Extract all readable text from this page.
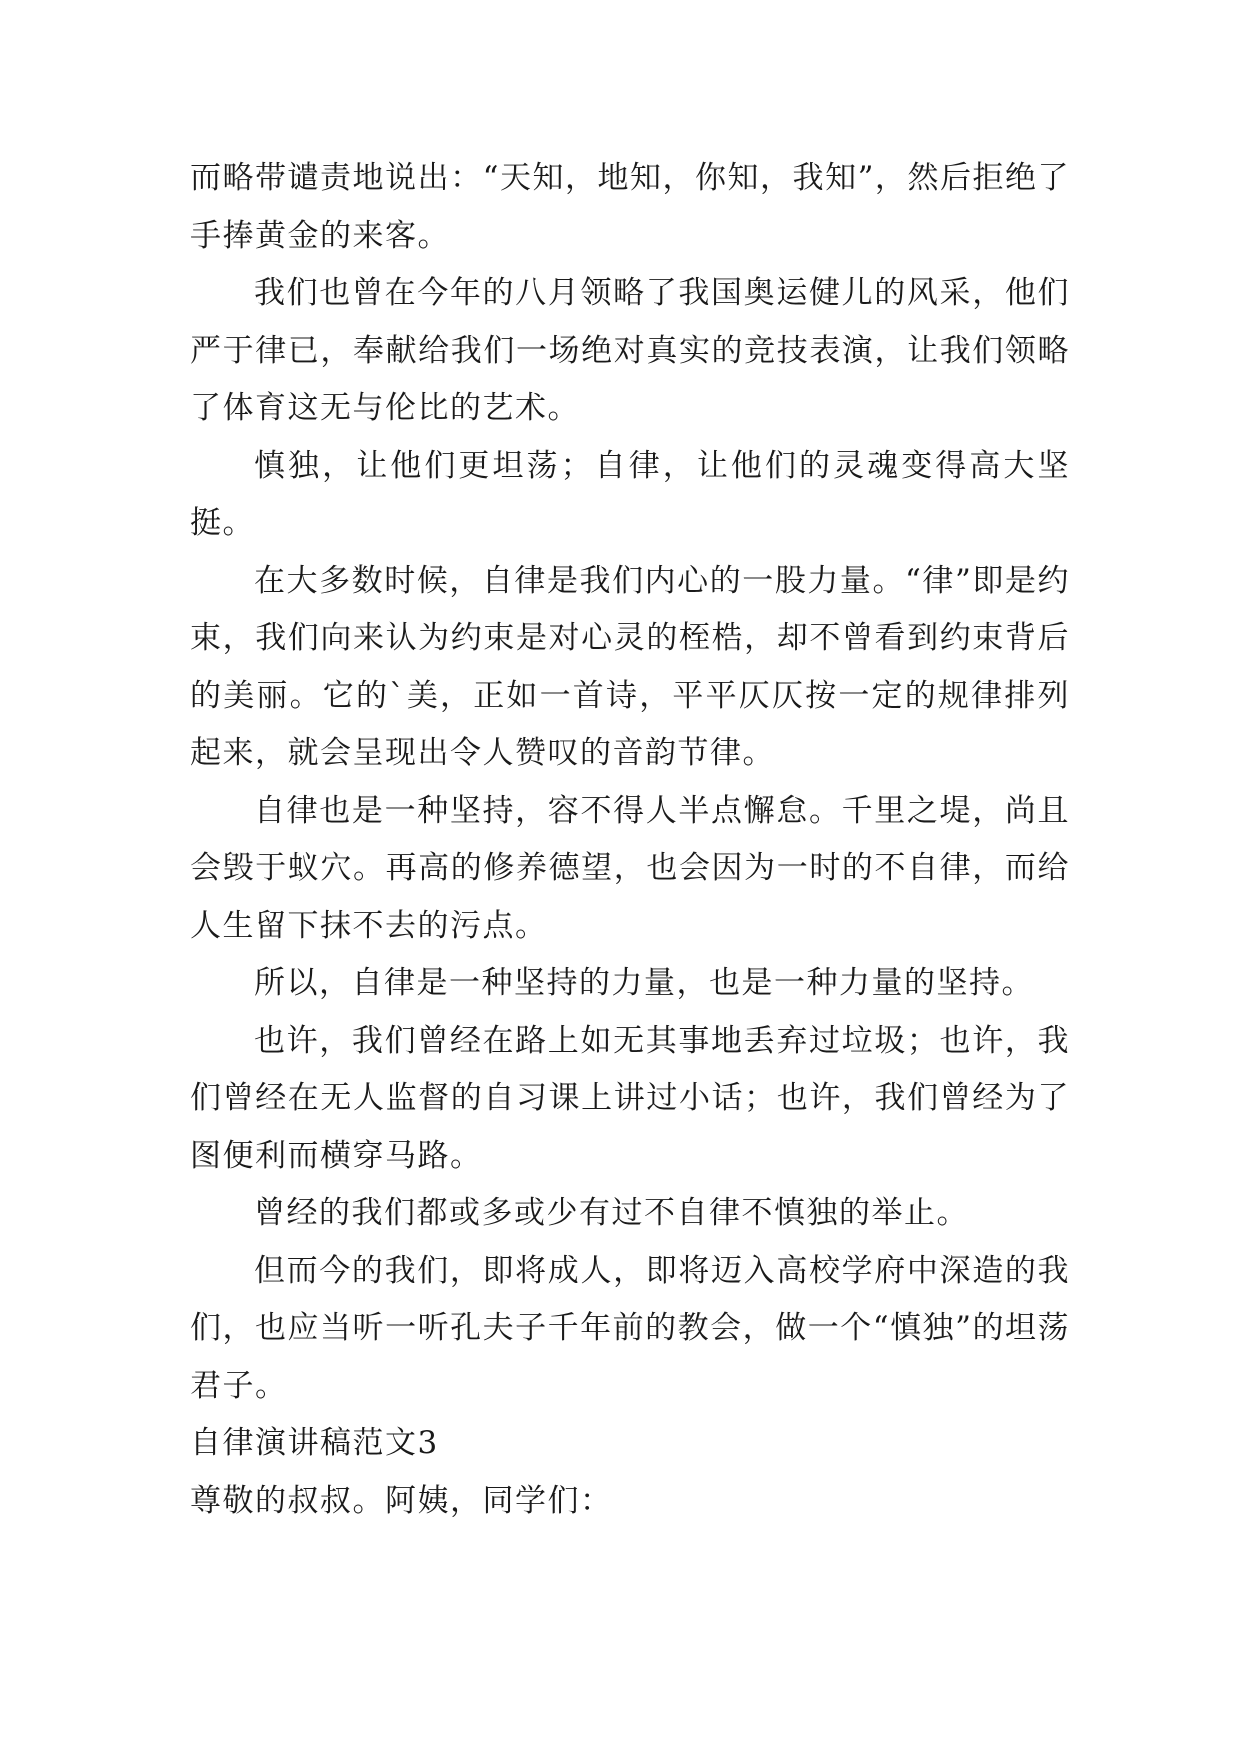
而略带谴责地说出：“天知，地知，你知，我知”，然后拒绝了手捧黄金的来客。

我们也曾在今年的八月领略了我国奥运健儿的风采，他们严于律已，奉献给我们一场绝对真实的竞技表演，让我们领略了体育这无与伦比的艺术。

慎独，让他们更坦荡；自律，让他们的灵魂变得高大坚挺。

在大多数时候，自律是我们内心的一股力量。“律”即是约束，我们向来认为约束是对心灵的桎梏，却不曾看到约束背后的美丽。它的`美，正如一首诗，平平仄仄按一定的规律排列起来，就会呈现出令人赞叹的音韵节律。

自律也是一种坚持，容不得人半点懈怠。千里之堤，尚且会毁于蚁穴。再高的修养德望，也会因为一时的不自律，而给人生留下抹不去的污点。

所以，自律是一种坚持的力量，也是一种力量的坚持。

也许，我们曾经在路上如无其事地丢弃过垃圾；也许，我们曾经在无人监督的自习课上讲过小话；也许，我们曾经为了图便利而横穿马路。

曾经的我们都或多或少有过不自律不慎独的举止。

但而今的我们，即将成人，即将迈入高校学府中深造的我们，也应当听一听孔夫子千年前的教会，做一个“慎独”的坦荡君子。

自律演讲稿范文3

尊敬的叔叔。阿姨，同学们：
